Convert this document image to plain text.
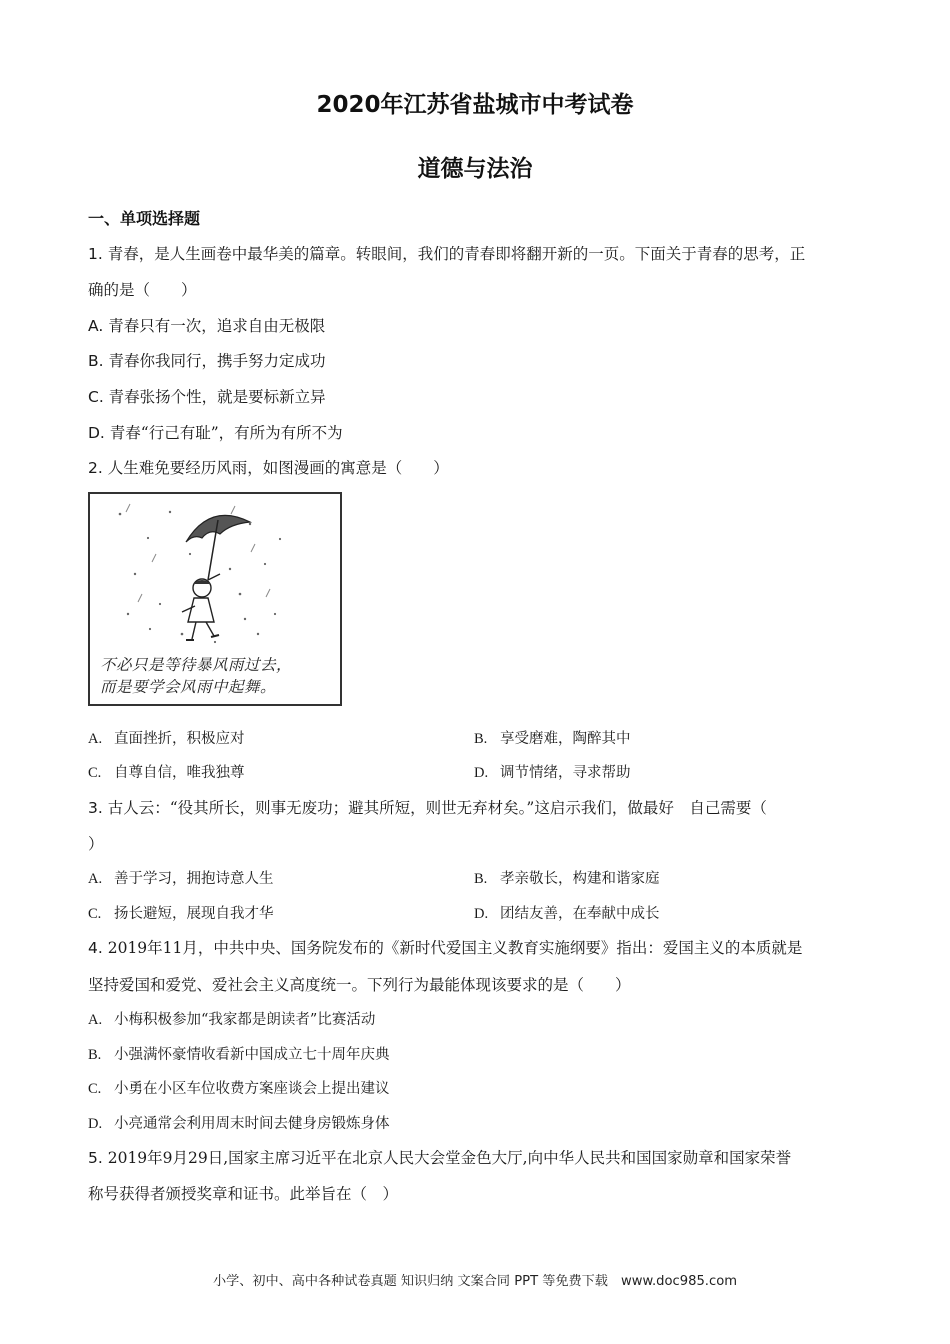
2020年江苏省盐城市中考试卷
道德与法治
一、单项选择题
1. 青春，是人生画卷中最华美的篇章。转眼间，我们的青春即将翻开新的一页。下面关于青春的思考，正
确的是（　　）
A. 青春只有一次，追求自由无极限
B. 青春你我同行，携手努力定成功
C. 青春张扬个性，就是要标新立异
D. 青春“行己有耻”，有所为有所不为
2. 人生难免要经历风雨，如图漫画的寓意是（　　）
不必只是等待暴风雨过去，
而是要学会风雨中起舞。
A. 直面挫折，积极应对	B. 享受磨难，陶醉其中
C. 自尊自信，唯我独尊	D. 调节情绪，寻求帮助
3. 古人云：“役其所长，则事无废功；避其所短，则世无弃材矣。”这启示我们，做最好　自己需要（
）
A. 善于学习，拥抱诗意人生	B. 孝亲敬长，构建和谐家庭
C. 扬长避短，展现自我才华	D. 团结友善，在奉献中成长
4. 2019年11月，中共中央、国务院发布的《新时代爱国主义教育实施纲要》指出：爱国主义的本质就是
坚持爱国和爱党、爱社会主义高度统一。下列行为最能体现该要求的是（　　）
A. 小梅积极参加“我家都是朗读者”比赛活动
B. 小强满怀豪情收看新中国成立七十周年庆典
C. 小勇在小区车位收费方案座谈会上提出建议
D. 小亮通常会利用周末时间去健身房锻炼身体
5. 2019年9月29日,国家主席习近平在北京人民大会堂金色大厅,向中华人民共和国国家勋章和国家荣誉
称号获得者颁授奖章和证书。此举旨在（　）
小学、初中、高中各种试卷真题 知识归纳 文案合同 PPT 等免费下载　www.doc985.com
